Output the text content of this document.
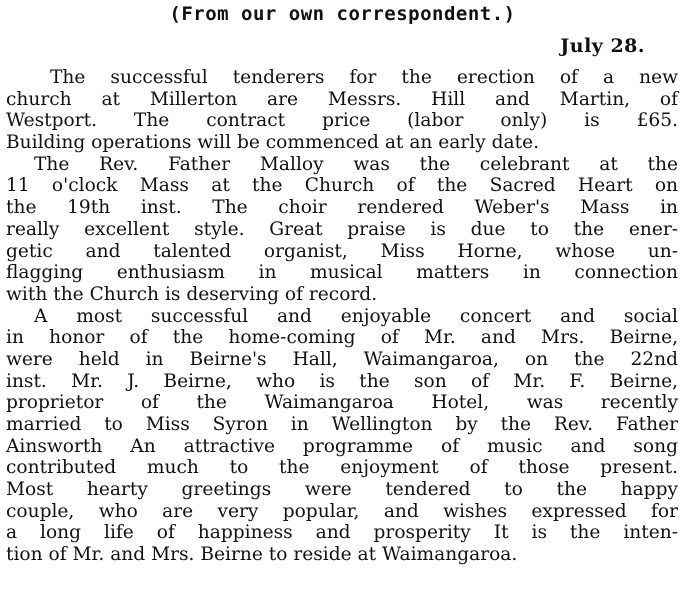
(From our own correspondent.)
July 28.
The successful tenderers for the erection of a new
church at Millerton are Messrs. Hill and Martin, of
Westport. The contract price (labor only) is £65.
Building operations will be commenced at an early date.
The Rev. Father Malloy was the celebrant at the
11 o'clock Mass at the Church of the Sacred Heart on
the 19th inst. The choir rendered Weber's Mass in
really excellent style. Great praise is due to the ener-
getic and talented organist, Miss Horne, whose un-
flagging enthusiasm in musical matters in connection
with the Church is deserving of record.
A most successful and enjoyable concert and social
in honor of the home-coming of Mr. and Mrs. Beirne,
were held in Beirne's Hall, Waimangaroa, on the 22nd
inst. Mr. J. Beirne, who is the son of Mr. F. Beirne,
proprietor of the Waimangaroa Hotel, was recently
married to Miss Syron in Wellington by the Rev. Father
Ainsworth An attractive programme of music and song
contributed much to the enjoyment of those present.
Most hearty greetings were tendered to the happy
couple, who are very popular, and wishes expressed for
a long life of happiness and prosperity It is the inten-
tion of Mr. and Mrs. Beirne to reside at Waimangaroa.
